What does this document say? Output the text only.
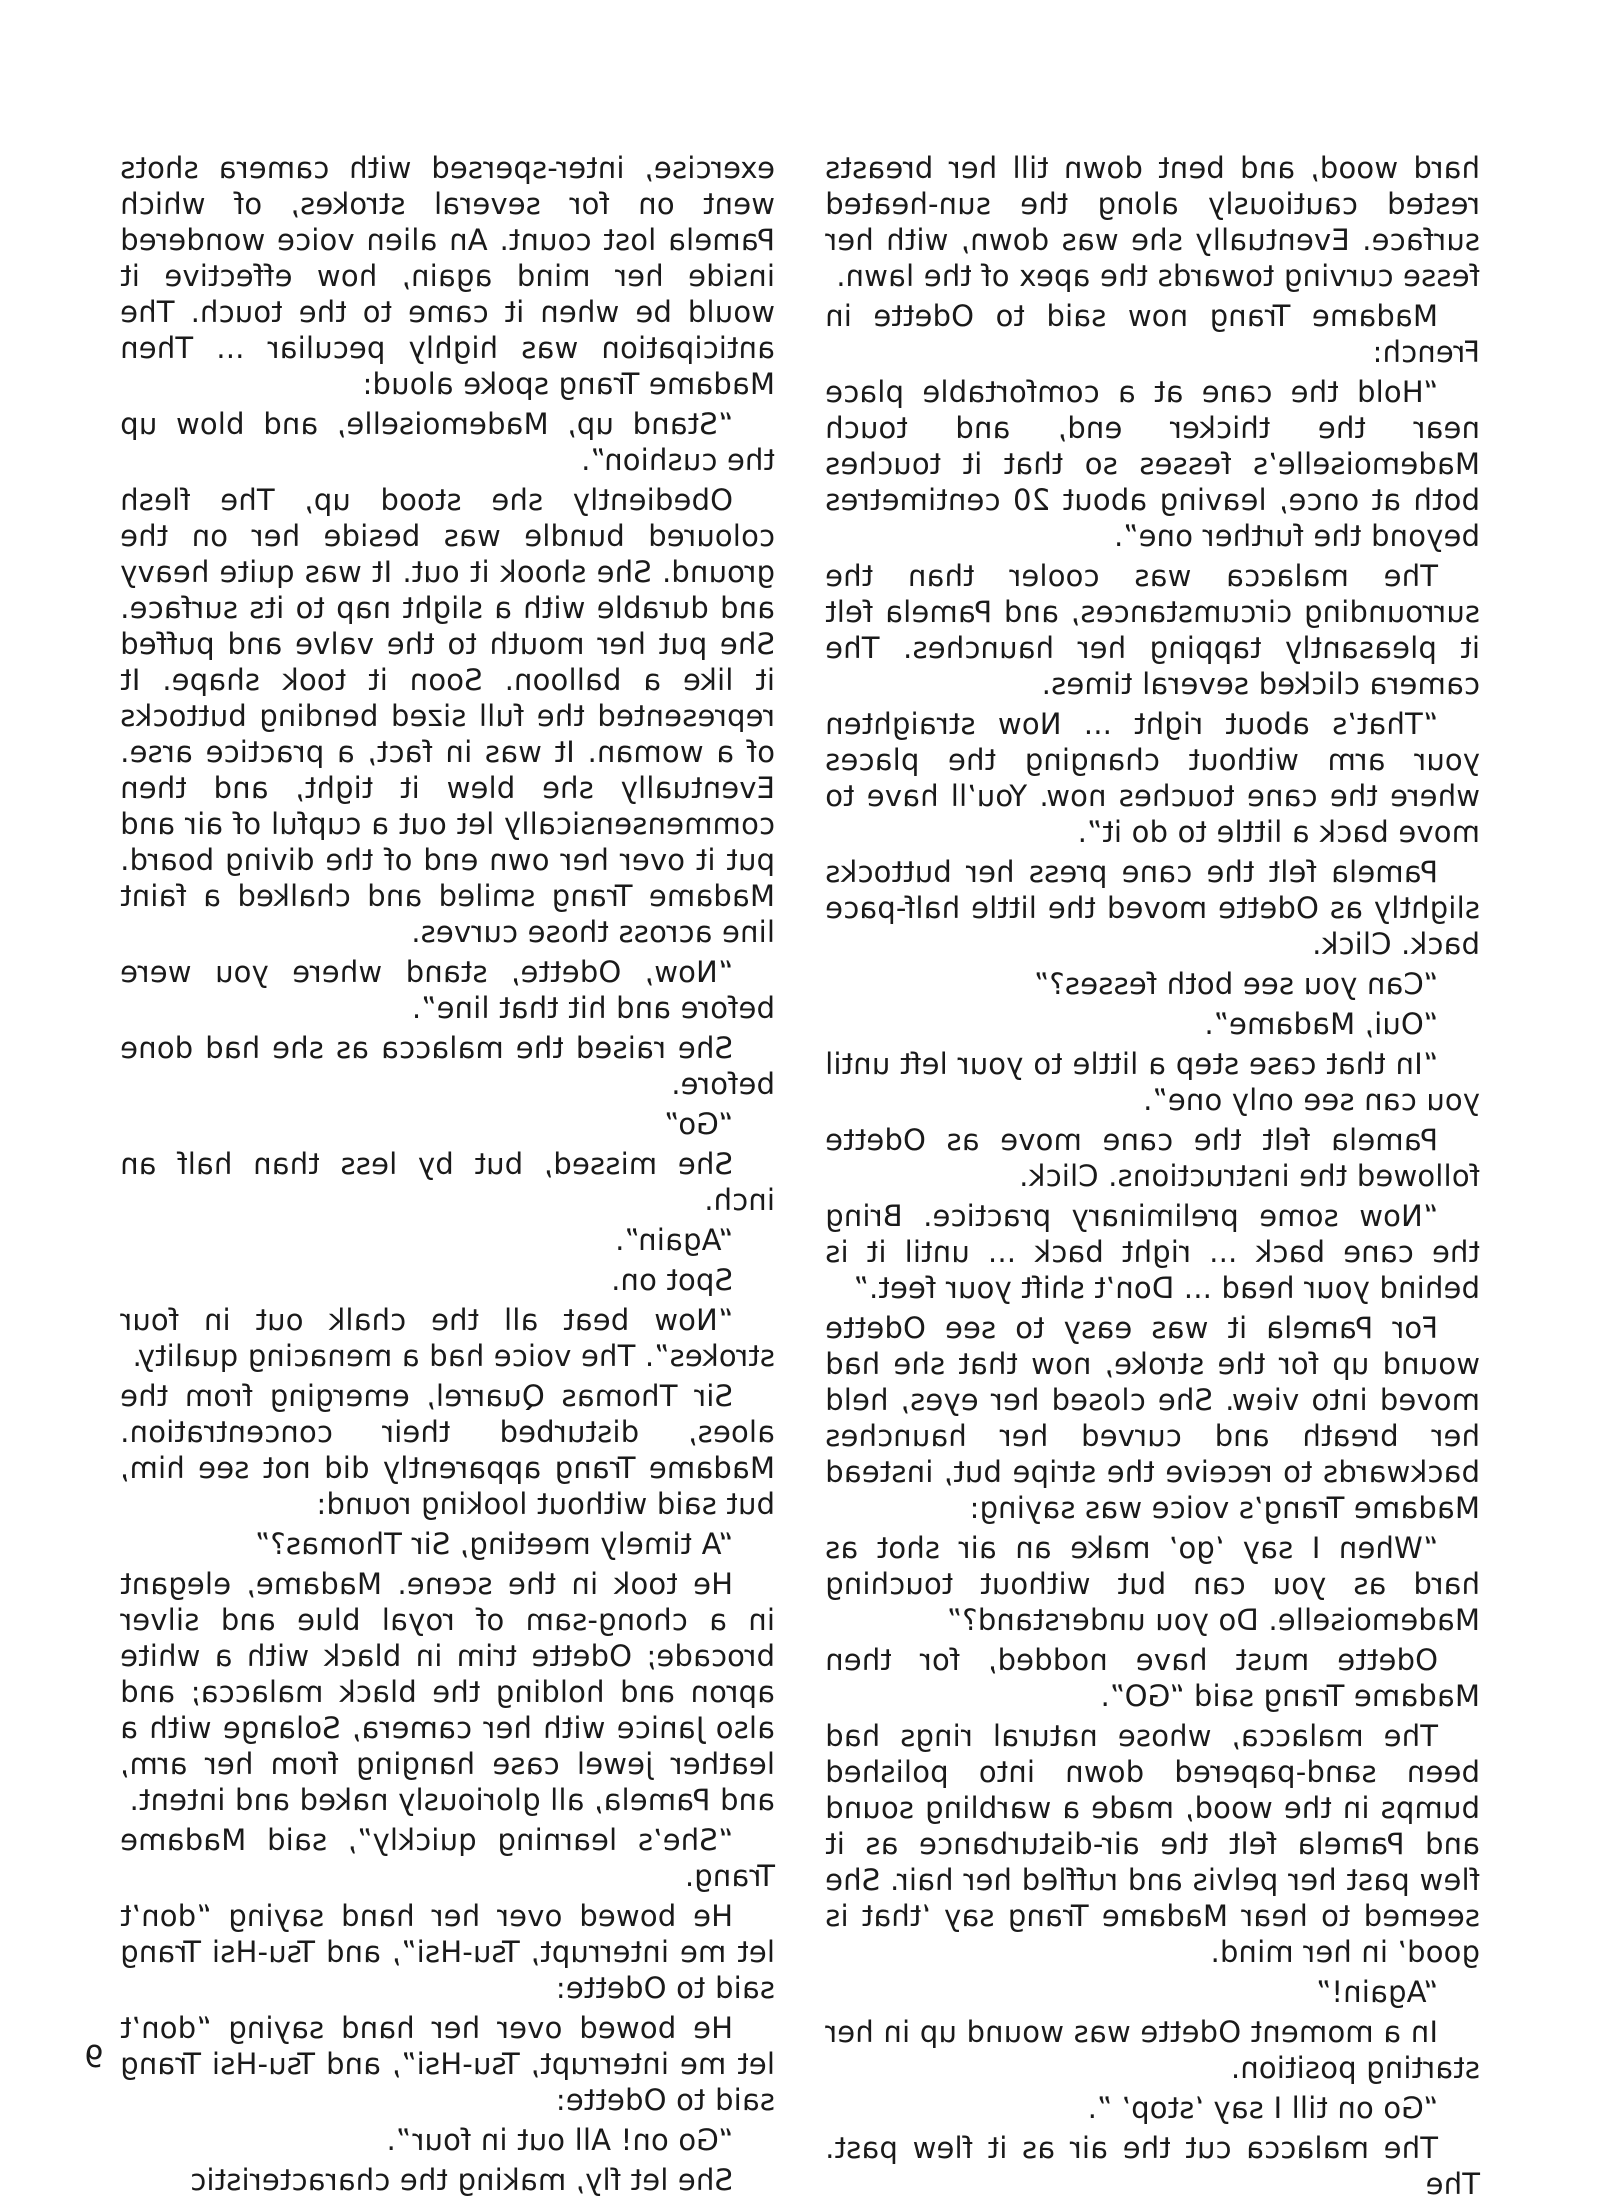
hard wood, and bent down till her breasts rested cautiously along the sun-heated surface. Eventually she was down, with her fesse curving towards the apex of the lawn.

Madame Trang now said to Odette in French:

“Hold the cane at a comfortable place near the thicker end, and touch Mademoiselle’s fesses so that it touches both at once, leaving about 20 centimetres beyond the further one”.

The malacca was cooler than the surrounding circumstances, and Pamela felt it pleasantly tapping her haunches. The camera clicked several times.

“That’s about right ... Now straighten your arm without changing the places where the cane touches now. You’ll have to move back a little to do it”.

Pamela felt the cane press her buttocks slightly as Odette moved the little half-pace back. Click.

“Can you see both fesses?”

“Oui, Madame”.

“In that case step a little to your left until you can see only one”.

Pamela felt the cane move as Odette followed the instructions. Click.

“Now some preliminary practice. Bring the cane back ... right back ... until it is behind your head ... Don’t shift your feet.”

For Pamela it was easy to see Odette wound up for the stroke, now that she had moved into view. She closed her eyes, held her breath and curved her haunches backwards to receive the stripe but, instead Madame Trang’s voice was saying:

“When I say ‘go’ make an air shot as hard as you can but without touching Mademoiselle. Do you understand?”

Odette must have nodded, for then Madame Trang said “GO”.

The malacca, whose natural rings had been sand-papered down into polished bumps in the wood, made a warbling sound and Pamela felt the air-disturbance as it flew past her pelvis and ruffled her hair. She seemed to hear Madame Trang say ‘that is good’ in her mind.

“Again!”

In a moment Odette was wound up in her starting position.

“Go on till I say ‘stop’ ”.

The malacca cut the air as it flew past. The

exercise, inter-spersed with camera shots went on for several strokes, of which Pamela lost count. An alien voice wondered inside her mind again, how effective it would be when it came to the touch. The anticipation was highly peculiar ... Then Madame Trang spoke aloud:

“Stand up, Mademoiselle, and blow up the cushion”.

Obediently she stood up, The flesh coloured bundle was beside her on the ground. She shook it out. It was quite heavy and durable with a slight nap to its surface. She put her mouth to the valve and puffed it like a balloon. Soon it took shape. It represented the full sized bending buttocks of a woman. It was in fact, a practice arse. Eventually she blew it tight, and then commensensically let out a cupful of air and put it over her own end of the diving board. Madame Trang smiled and chalked a faint line across those curves.

“Now, Odette, stand where you were before and hit that line”.

She raised the malacca as she had done before.

“Go”

She missed, but by less than half an inch.

“Again”.

Spot on.

“Now beat all the chalk out in four strokes”. The voice had a menacing quality.

Sir Thomas Quarrel, emerging from the aloes, disturbed their concentration. Madame Trang apparently did not see him, but said without looking round:

“A timely meeting, Sir Thomas?”

He took in the scene. Madame, elegant in a chong-sam of royal blue and silver brocade; Odette trim in black with a white apron and holding the black malacca; and also Janice with her camera, Solange with a leather jewel case hanging from her arm, and Pamela, all gloriously naked and intent.

“She’s learning quickly”, said Madame Trang.

He bowed over her hand saying “don’t let me interrupt, Tsu-Hsi”, and Tsu-Hsi Trang said to Odette:

He bowed over her hand saying “don’t let me interrupt, Tsu-Hsi”, and Tsu-Hsi Trang said to Odette:

“Go on! All out in four”.

She let fly, making the characteristic

9
